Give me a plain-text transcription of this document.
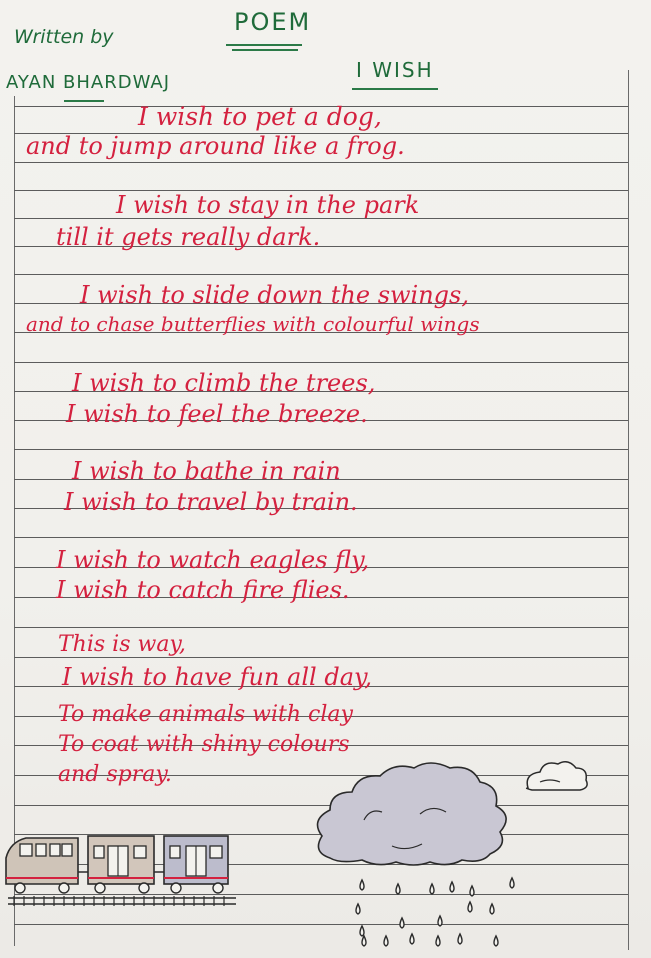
Written by
POEM
AYAN BHARDWAJ
I WISH
I wish to pet a dog,
and to jump around like a frog.
I wish to stay in the park
till it gets really dark.
I wish to slide down the swings,
and to chase butterflies with colourful wings
I wish to climb the trees,
I wish to feel the breeze.
I wish to bathe in rain
I wish to travel by train.
I wish to watch eagles fly,
I wish to catch fire flies.
This is way,
I wish to have fun all day,
To make animals with clay
To coat with shiny colours
and spray.
